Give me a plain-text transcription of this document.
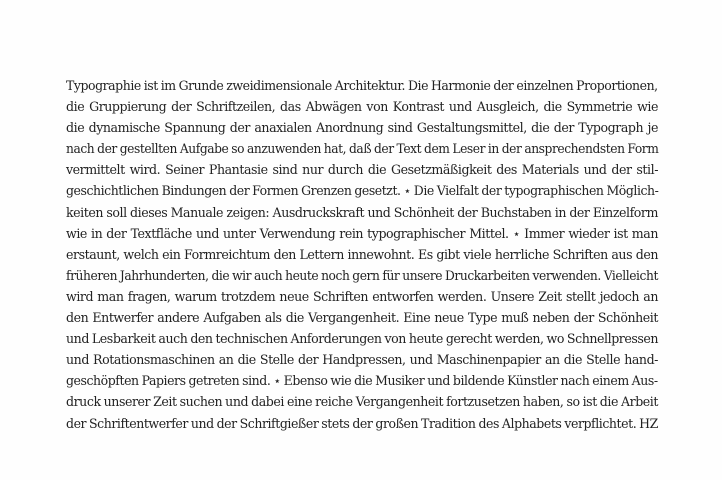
Typographie ist im Grunde zweidimensionale Architektur. Die Harmonie der einzelnen Proportionen,
die Gruppierung der Schriftzeilen, das Abwägen von Kontrast und Ausgleich, die Symmetrie wie
die dynamische Spannung der anaxialen Anordnung sind Gestaltungsmittel, die der Typograph je
nach der gestellten Aufgabe so anzuwenden hat, daß der Text dem Leser in der ansprechendsten Form
vermittelt wird. Seiner Phantasie sind nur durch die Gesetzmäßigkeit des Materials und der stil-
geschichtlichen Bindungen der Formen Grenzen gesetzt. ⋆ Die Vielfalt der typographischen Möglich-
keiten soll dieses Manuale zeigen: Ausdruckskraft und Schönheit der Buchstaben in der Einzelform
wie in der Textfläche und unter Verwendung rein typographischer Mittel. ⋆ Immer wieder ist man
erstaunt, welch ein Formreichtum den Lettern innewohnt. Es gibt viele herrliche Schriften aus den
früheren Jahrhunderten, die wir auch heute noch gern für unsere Druckarbeiten verwenden. Vielleicht
wird man fragen, warum trotzdem neue Schriften entworfen werden. Unsere Zeit stellt jedoch an
den Entwerfer andere Aufgaben als die Vergangenheit. Eine neue Type muß neben der Schönheit
und Lesbarkeit auch den technischen Anforderungen von heute gerecht werden, wo Schnellpressen
und Rotationsmaschinen an die Stelle der Handpressen, und Maschinenpapier an die Stelle hand-
geschöpften Papiers getreten sind. ⋆ Ebenso wie die Musiker und bildende Künstler nach einem Aus-
druck unserer Zeit suchen und dabei eine reiche Vergangenheit fortzusetzen haben, so ist die Arbeit
der Schriftentwerfer und der Schriftgießer stets der großen Tradition des Alphabets verpflichtet. HZ
